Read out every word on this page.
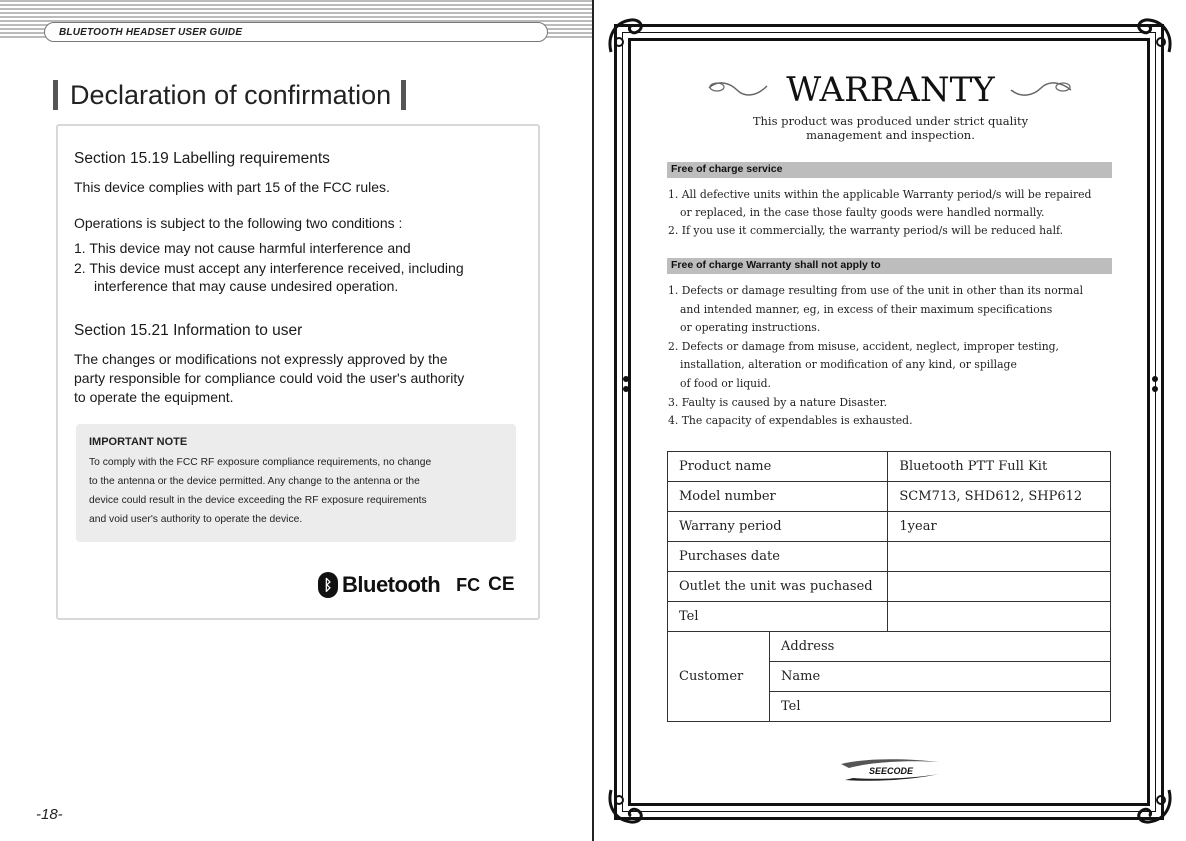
BLUETOOTH HEADSET USER GUIDE
Declaration of confirmation
Section 15.19 Labelling requirements
This device complies with part 15 of the FCC rules.
Operations is subject to the following two conditions :
1. This device may not cause harmful interference and
2. This device must accept any interference received, including
interference that may cause undesired operation.
Section 15.21 Information to user
The changes or modifications not expressly approved by the
party responsible for compliance could void the user's authority
to operate the equipment.
IMPORTANT NOTE
To comply with the FCC RF exposure compliance requirements, no change
to the antenna or the device permitted. Any change to the antenna or the
device could result in the device exceeding the RF exposure requirements
and void user's authority to operate the device.
ᛒ Bluetooth FC CE
-18-
WARRANTY
This product was produced under strict quality
management and inspection.
Free of charge service
1. All defective units within the applicable Warranty period/s will be repaired
or replaced, in the case those faulty goods were handled normally.
2. If you use it commercially, the warranty period/s will be reduced half.
Free of charge Warranty shall not apply to
1. Defects or damage resulting from use of the unit in other than its normal
and intended manner, eg, in excess of their maximum specifications
or operating instructions.
2. Defects or damage from misuse, accident, neglect, improper testing,
installation, alteration or modification of any kind, or spillage
of food or liquid.
3. Faulty is caused by a nature Disaster.
4. The capacity of expendables is exhausted.
Product name		Bluetooth PTT Full Kit
Model number		SCM713, SHD612, SHP612
Warrany period		1year
Purchases date		
Outlet the unit was puchased		
Tel		
Customer	Address	
	Name	
	Tel	
SEECODE
